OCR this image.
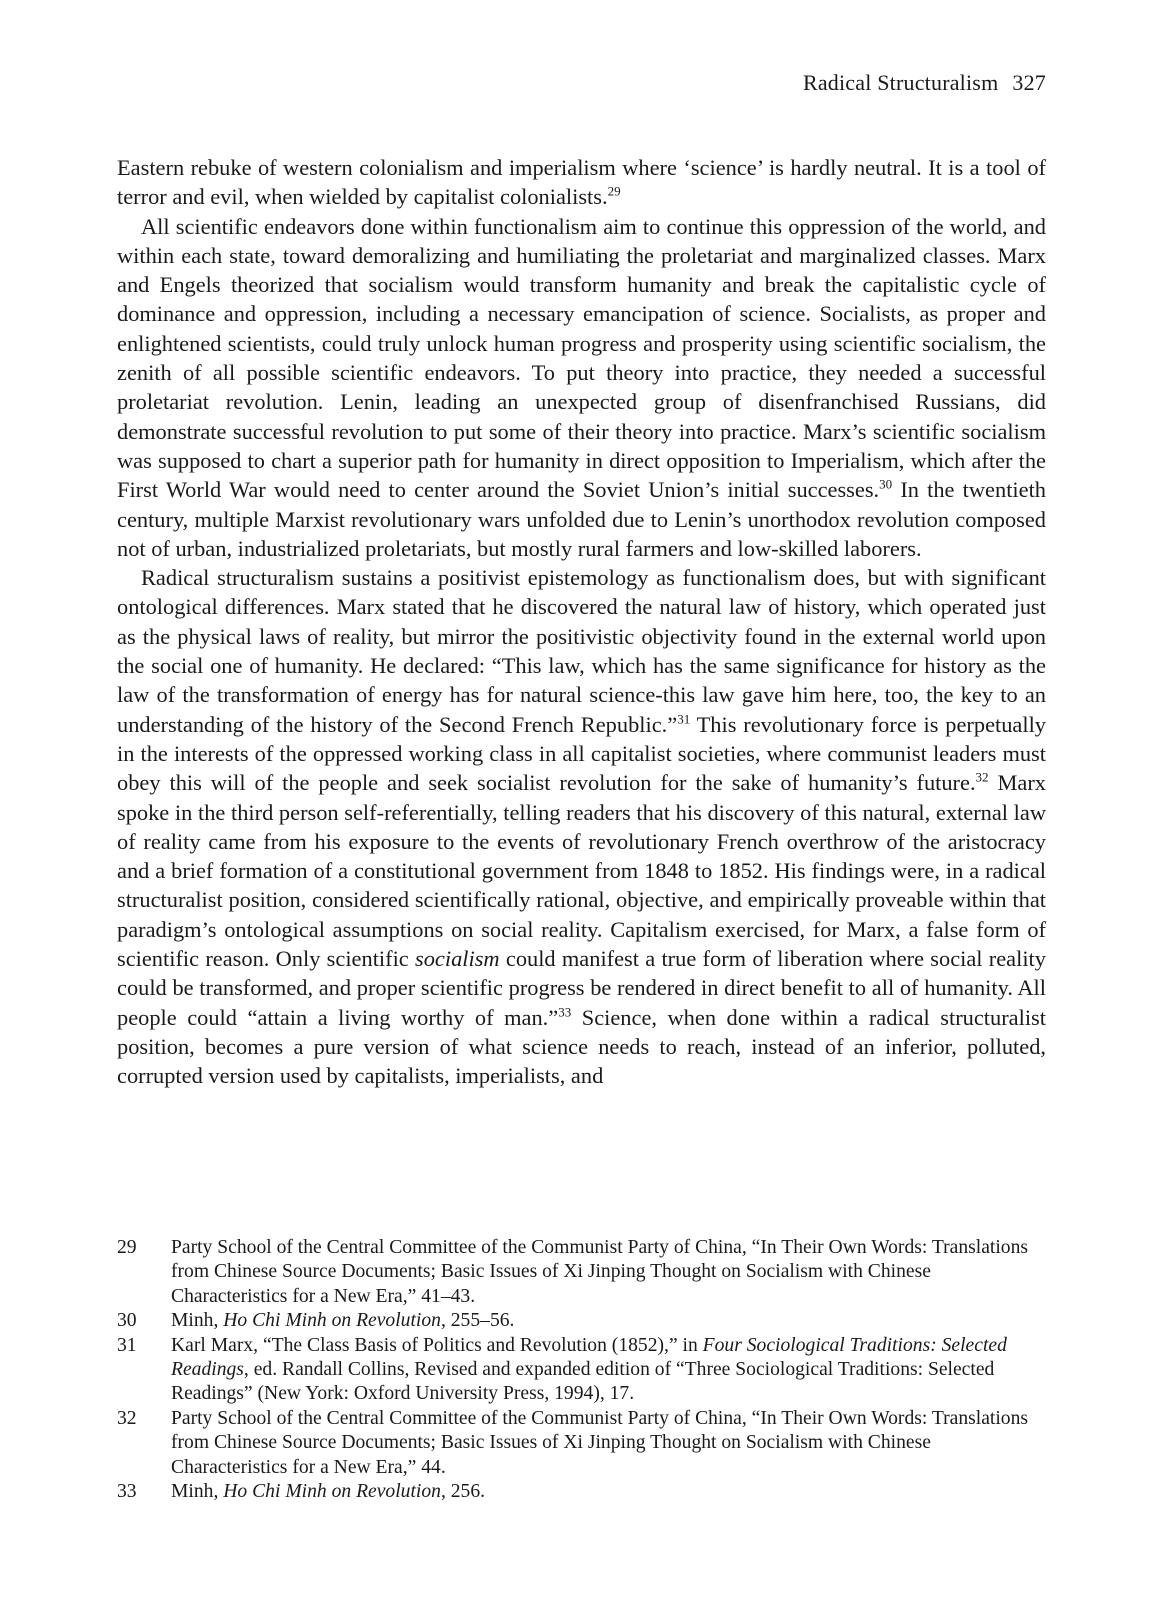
Radical Structuralism 327

Eastern rebuke of western colonialism and imperialism where ‘science’ is hardly neutral. It is a tool of terror and evil, when wielded by capitalist colonialists.$^{29}$

All scientific endeavors done within functionalism aim to continue this oppression of the world, and within each state, toward demoralizing and humiliating the proletariat and marginalized classes. Marx and Engels theorized that socialism would transform humanity and break the capitalistic cycle of dominance and oppression, including a necessary emancipation of science. Socialists, as proper and enlightened scientists, could truly unlock human progress and prosperity using scientific socialism, the zenith of all possible scientific endeavors. To put theory into practice, they needed a successful proletariat revolution. Lenin, leading an unexpected group of disenfranchised Russians, did demonstrate successful revolution to put some of their theory into practice. Marx’s scientific socialism was supposed to chart a superior path for humanity in direct opposition to Imperialism, which after the First World War would need to center around the Soviet Union’s initial successes.$^{30}$ In the twentieth century, multiple Marxist revolutionary wars unfolded due to Lenin’s unorthodox revolution composed not of urban, industrialized proletariats, but mostly rural farmers and low-skilled laborers.

Radical structuralism sustains a positivist epistemology as functionalism does, but with significant ontological differences. Marx stated that he discovered the natural law of history, which operated just as the physical laws of reality, but mirror the positivistic objectivity found in the external world upon the social one of humanity. He declared: “This law, which has the same significance for history as the law of the transformation of energy has for natural science-this law gave him here, too, the key to an understanding of the history of the Second French Republic.”$^{31}$ This revolutionary force is perpetually in the interests of the oppressed working class in all capitalist societies, where communist leaders must obey this will of the people and seek socialist revolution for the sake of humanity’s future.$^{32}$ Marx spoke in the third person self-referentially, telling readers that his discovery of this natural, external law of reality came from his exposure to the events of revolutionary French overthrow of the aristocracy and a brief formation of a constitutional government from 1848 to 1852. His findings were, in a radical structuralist position, considered scientifically rational, objective, and empirically proveable within that paradigm’s ontological assumptions on social reality. Capitalism exercised, for Marx, a false form of scientific reason. Only scientific socialism could manifest a true form of liberation where social reality could be transformed, and proper scientific progress be rendered in direct benefit to all of humanity. All people could “attain a living worthy of man.”$^{33}$ Science, when done within a radical structuralist position, becomes a pure version of what science needs to reach, instead of an inferior, polluted, corrupted version used by capitalists, imperialists, and

29	Party School of the Central Committee of the Communist Party of China, “In Their Own Words: Translations from Chinese Source Documents; Basic Issues of Xi Jinping Thought on Socialism with Chinese Characteristics for a New Era,” 41–43.
30	Minh, Ho Chi Minh on Revolution, 255–56.
31	Karl Marx, “The Class Basis of Politics and Revolution (1852),” in Four Sociological Traditions: Selected Readings, ed. Randall Collins, Revised and expanded edition of “Three Sociological Traditions: Selected Readings” (New York: Oxford University Press, 1994), 17.
32	Party School of the Central Committee of the Communist Party of China, “In Their Own Words: Translations from Chinese Source Documents; Basic Issues of Xi Jinping Thought on Socialism with Chinese Characteristics for a New Era,” 44.
33	Minh, Ho Chi Minh on Revolution, 256.
